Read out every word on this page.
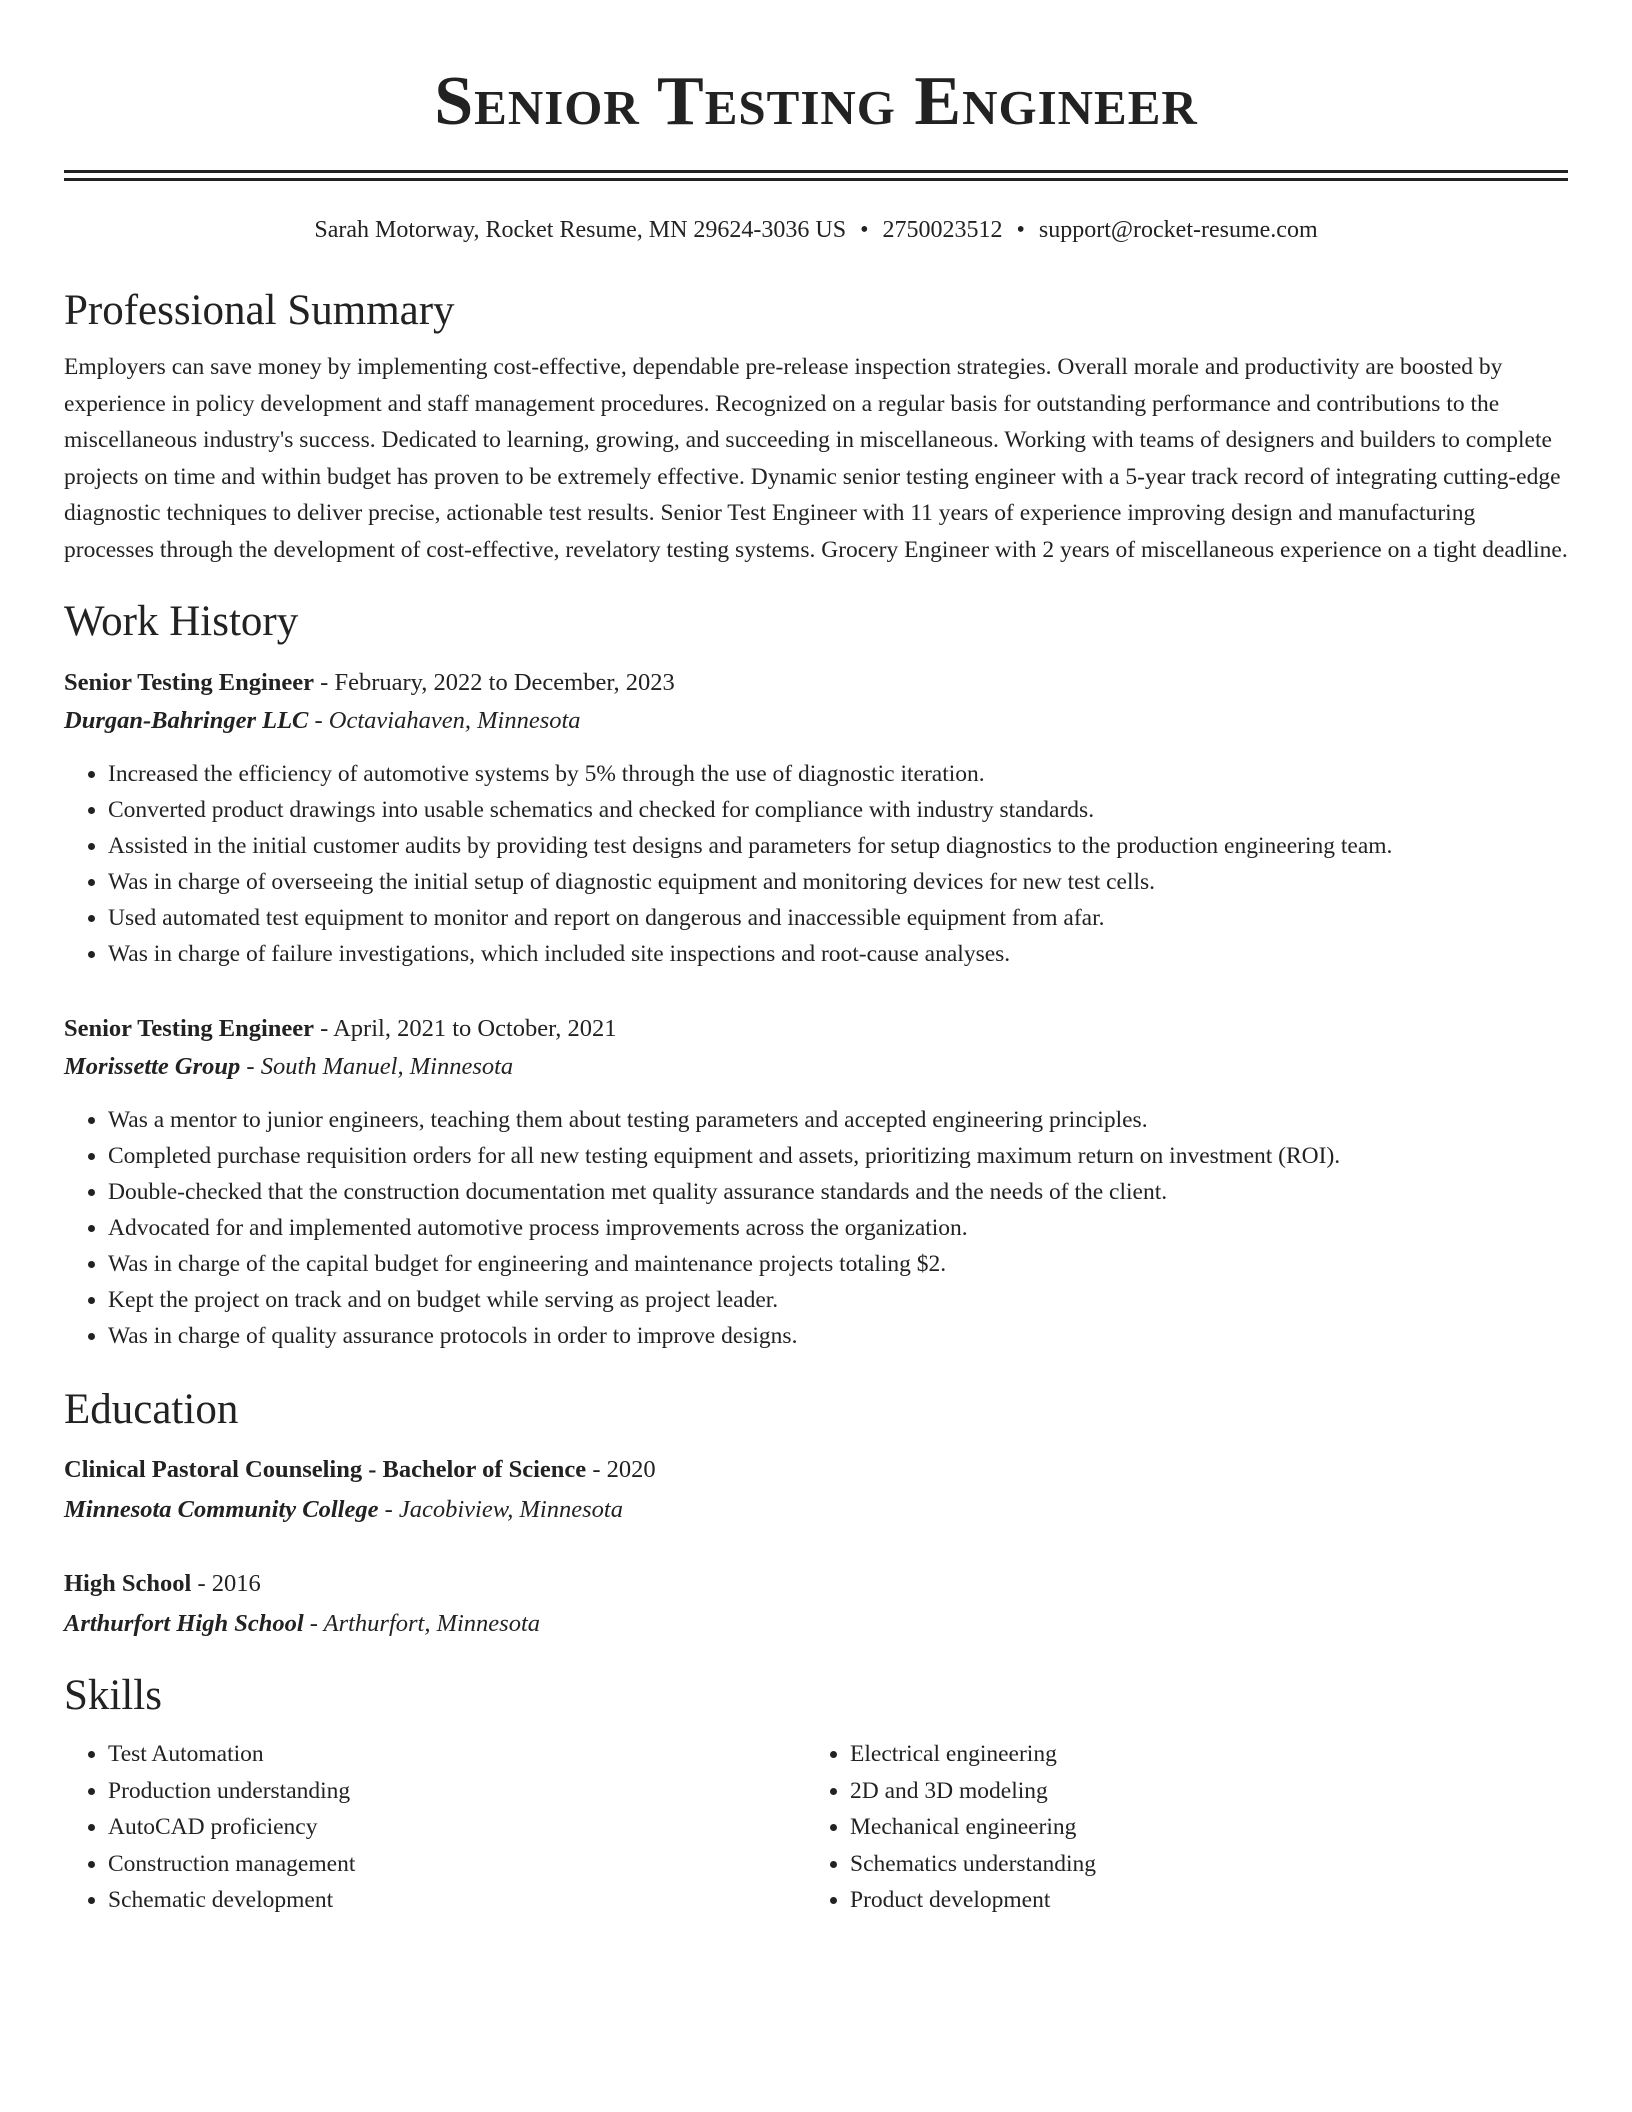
Senior Testing Engineer
Sarah Motorway, Rocket Resume, MN 29624-3036 US • 2750023512 • support@rocket-resume.com
Professional Summary

Employers can save money by implementing cost-effective, dependable pre-release inspection strategies. Overall morale and productivity are boosted by experience in policy development and staff management procedures. Recognized on a regular basis for outstanding performance and contributions to the miscellaneous industry's success. Dedicated to learning, growing, and succeeding in miscellaneous. Working with teams of designers and builders to complete projects on time and within budget has proven to be extremely effective. Dynamic senior testing engineer with a 5-year track record of integrating cutting-edge diagnostic techniques to deliver precise, actionable test results. Senior Test Engineer with 11 years of experience improving design and manufacturing processes through the development of cost-effective, revelatory testing systems. Grocery Engineer with 2 years of miscellaneous experience on a tight deadline.

Work History
Senior Testing Engineer - February, 2022 to December, 2023
Durgan-Bahringer LLC - Octaviahaven, Minnesota
• Increased the efficiency of automotive systems by 5% through the use of diagnostic iteration.
• Converted product drawings into usable schematics and checked for compliance with industry standards.
• Assisted in the initial customer audits by providing test designs and parameters for setup diagnostics to the production engineering team.
• Was in charge of overseeing the initial setup of diagnostic equipment and monitoring devices for new test cells.
• Used automated test equipment to monitor and report on dangerous and inaccessible equipment from afar.
• Was in charge of failure investigations, which included site inspections and root-cause analyses.
Senior Testing Engineer - April, 2021 to October, 2021
Morissette Group - South Manuel, Minnesota
• Was a mentor to junior engineers, teaching them about testing parameters and accepted engineering principles.
• Completed purchase requisition orders for all new testing equipment and assets, prioritizing maximum return on investment (ROI).
• Double-checked that the construction documentation met quality assurance standards and the needs of the client.
• Advocated for and implemented automotive process improvements across the organization.
• Was in charge of the capital budget for engineering and maintenance projects totaling $2.
• Kept the project on track and on budget while serving as project leader.
• Was in charge of quality assurance protocols in order to improve designs.
Education
Clinical Pastoral Counseling - Bachelor of Science - 2020
Minnesota Community College - Jacobiview, Minnesota
High School - 2016
Arthurfort High School - Arthurfort, Minnesota
Skills
• Test Automation
• Production understanding
• AutoCAD proficiency
• Construction management
• Schematic development
• Electrical engineering
• 2D and 3D modeling
• Mechanical engineering
• Schematics understanding
• Product development
